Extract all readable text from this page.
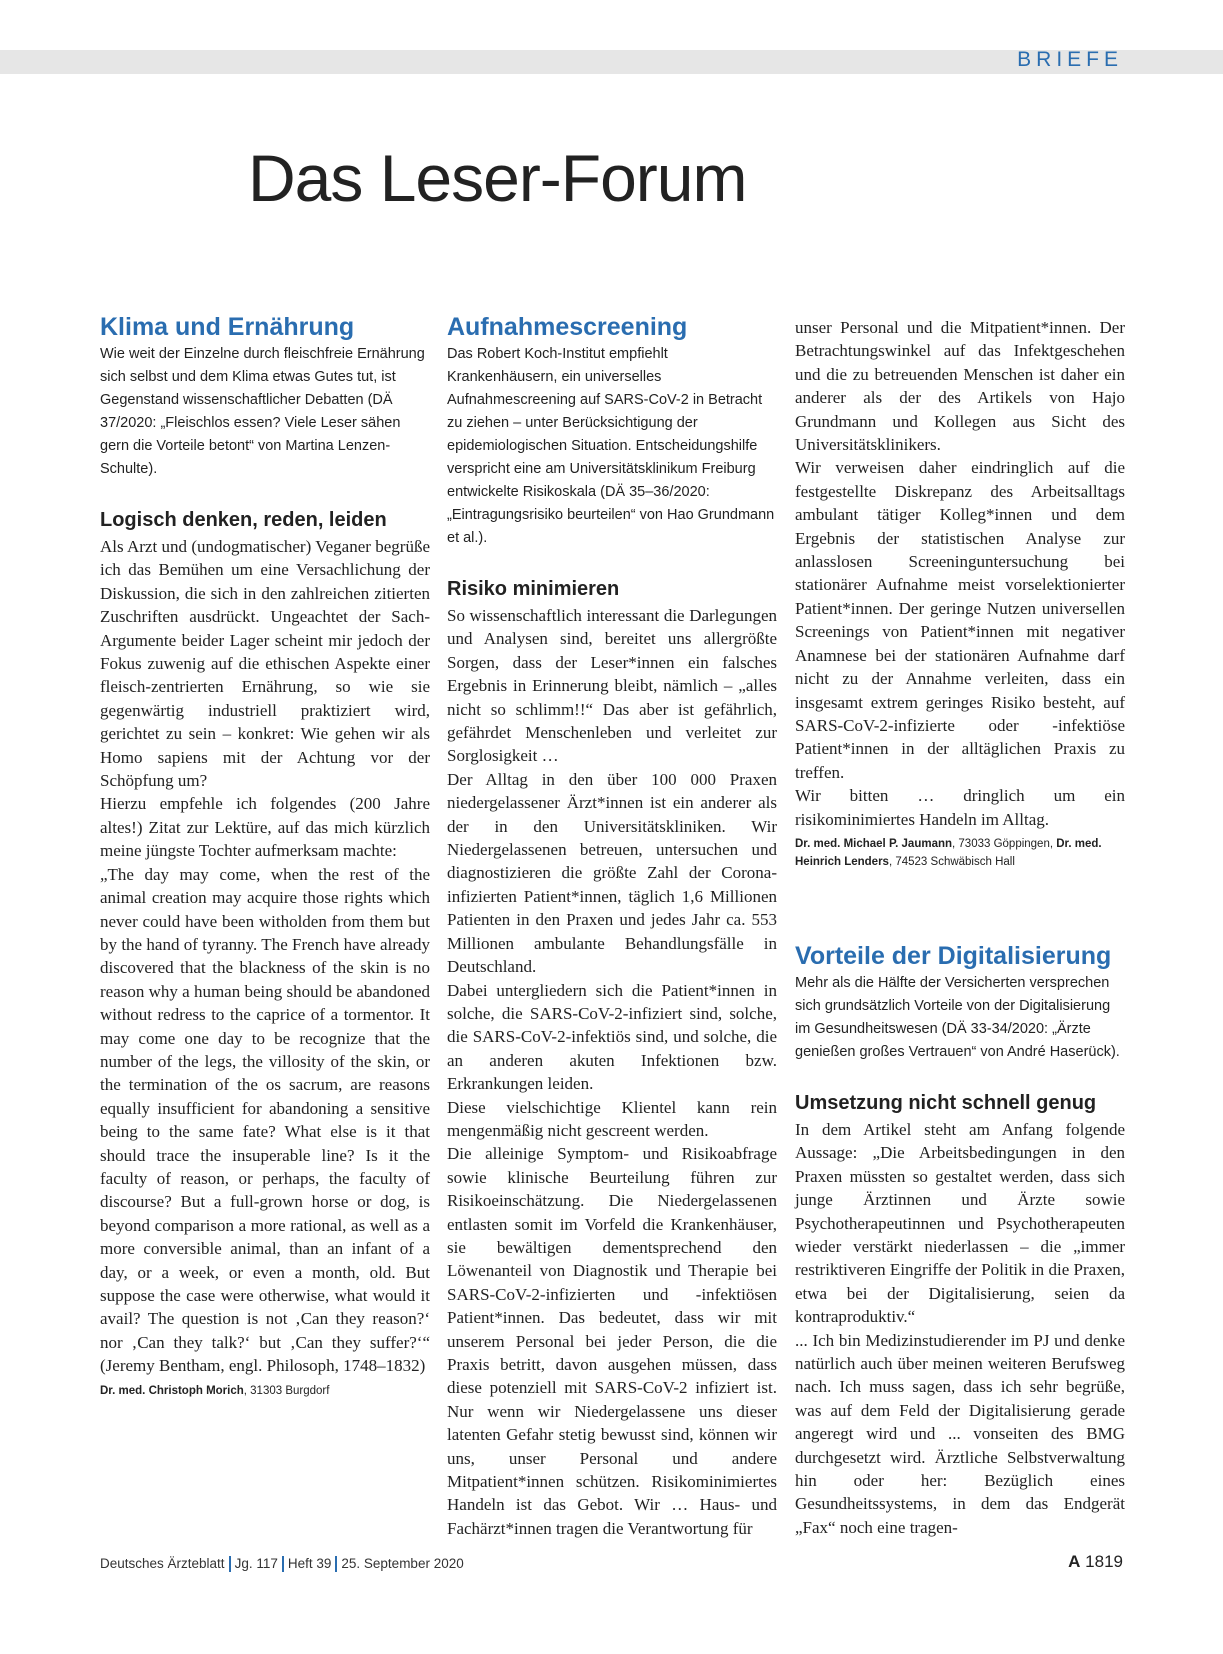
BRIEFE
Das Leser-Forum
Klima und Ernährung

Wie weit der Einzelne durch fleischfreie Ernährung sich selbst und dem Klima etwas Gutes tut, ist Gegenstand wissenschaftlicher Debatten (DÄ 37/2020: „Fleischlos essen? Viele Leser sähen gern die Vorteile betont“ von Martina Lenzen-Schulte).

Logisch denken, reden, leiden

Als Arzt und (undogmatischer) Veganer begrüße ich das Bemühen um eine Versachlichung der Diskussion, die sich in den zahlreichen zitierten Zuschriften ausdrückt. Ungeachtet der Sach-Argumente beider Lager scheint mir jedoch der Fokus zuwenig auf die ethischen Aspekte einer fleisch-zentrierten Ernährung, so wie sie gegenwärtig industriell praktiziert wird, gerichtet zu sein – konkret: Wie gehen wir als Homo sapiens mit der Achtung vor der Schöpfung um?

Hierzu empfehle ich folgendes (200 Jahre altes!) Zitat zur Lektüre, auf das mich kürzlich meine jüngste Tochter aufmerksam machte:

„The day may come, when the rest of the animal creation may acquire those rights which never could have been witholden from them but by the hand of tyranny. The French have already discovered that the blackness of the skin is no reason why a human being should be abandoned without redress to the caprice of a tormentor. It may come one day to be recognize that the number of the legs, the villosity of the skin, or the termination of the os sacrum, are reasons equally insufficient for abandoning a sensitive being to the same fate? What else is it that should trace the insuperable line? Is it the faculty of reason, or perhaps, the faculty of discourse? But a full-grown horse or dog, is beyond comparison a more rational, as well as a more conversible animal, than an infant of a day, or a week, or even a month, old. But suppose the case were otherwise, what would it avail? The question is not ‚Can they reason?‘ nor ‚Can they talk?‘ but ‚Can they suffer?‘“ (Jeremy Bentham, engl. Philosoph, 1748–1832)

Dr. med. Christoph Morich, 31303 Burgdorf

Aufnahmescreening

Das Robert Koch-Institut empfiehlt Krankenhäusern, ein universelles Aufnahmescreening auf SARS-CoV-2 in Betracht zu ziehen – unter Berücksichtigung der epidemiologischen Situation. Entscheidungshilfe verspricht eine am Universitätsklinikum Freiburg entwickelte Risikoskala (DÄ 35–36/2020: „Eintragungsrisiko beurteilen“ von Hao Grundmann et al.).

Risiko minimieren

So wissenschaftlich interessant die Darlegungen und Analysen sind, bereitet uns allergrößte Sorgen, dass der Leser*innen ein falsches Ergebnis in Erinnerung bleibt, nämlich – „alles nicht so schlimm!!“ Das aber ist gefährlich, gefährdet Menschenleben und verleitet zur Sorglosigkeit …

Der Alltag in den über 100 000 Praxen niedergelassener Ärzt*innen ist ein anderer als der in den Universitätskliniken. Wir Niedergelassenen betreuen, untersuchen und diagnostizieren die größte Zahl der Corona-infizierten Patient*innen, täglich 1,6 Millionen Patienten in den Praxen und jedes Jahr ca. 553 Millionen ambulante Behandlungsfälle in Deutschland.

Dabei untergliedern sich die Patient*innen in solche, die SARS-CoV-2-infiziert sind, solche, die SARS-CoV-2-infektiös sind, und solche, die an anderen akuten Infektionen bzw. Erkrankungen leiden.

Diese vielschichtige Klientel kann rein mengenmäßig nicht gescreent werden.

Die alleinige Symptom- und Risikoabfrage sowie klinische Beurteilung führen zur Risikoeinschätzung. Die Niedergelassenen entlasten somit im Vorfeld die Krankenhäuser, sie bewältigen dementsprechend den Löwenanteil von Diagnostik und Therapie bei SARS-CoV-2-infizierten und -infektiösen Patient*innen. Das bedeutet, dass wir mit unserem Personal bei jeder Person, die die Praxis betritt, davon ausgehen müssen, dass diese potenziell mit SARS-CoV-2 infiziert ist. Nur wenn wir Niedergelassene uns dieser latenten Gefahr stetig bewusst sind, können wir uns, unser Personal und andere Mitpatient*innen schützen. Risikominimiertes Handeln ist das Gebot. Wir … Haus- und Fachärzt*innen tragen die Verantwortung für

unser Personal und die Mitpatient*innen. Der Betrachtungswinkel auf das Infektgeschehen und die zu betreuenden Menschen ist daher ein anderer als der des Artikels von Hajo Grundmann und Kollegen aus Sicht des Universitätsklinikers.

Wir verweisen daher eindringlich auf die festgestellte Diskrepanz des Arbeitsalltags ambulant tätiger Kolleg*innen und dem Ergebnis der statistischen Analyse zur anlasslosen Screeninguntersuchung bei stationärer Aufnahme meist vorselektionierter Patient*innen. Der geringe Nutzen universellen Screenings von Patient*innen mit negativer Anamnese bei der stationären Aufnahme darf nicht zu der Annahme verleiten, dass ein insgesamt extrem geringes Risiko besteht, auf SARS-CoV-2-infizierte oder -infektiöse Patient*innen in der alltäglichen Praxis zu treffen.

Wir bitten … dringlich um ein risikominimiertes Handeln im Alltag.

Dr. med. Michael P. Jaumann, 73033 Göppingen, Dr. med. Heinrich Lenders, 74523 Schwäbisch Hall

Vorteile der Digitalisierung

Mehr als die Hälfte der Versicherten versprechen sich grundsätzlich Vorteile von der Digitalisierung im Gesundheitswesen (DÄ 33-34/2020: „Ärzte genießen großes Vertrauen“ von André Haserück).

Umsetzung nicht schnell genug

In dem Artikel steht am Anfang folgende Aussage: „Die Arbeitsbedingungen in den Praxen müssten so gestaltet werden, dass sich junge Ärztinnen und Ärzte sowie Psychotherapeutinnen und Psychotherapeuten wieder verstärkt niederlassen – die „immer restriktiveren Eingriffe der Politik in die Praxen, etwa bei der Digitalisierung, seien da kontraproduktiv.“

... Ich bin Medizinstudierender im PJ und denke natürlich auch über meinen weiteren Berufsweg nach. Ich muss sagen, dass ich sehr begrüße, was auf dem Feld der Digitalisierung gerade angeregt wird und ... vonseiten des BMG durchgesetzt wird. Ärztliche Selbstverwaltung hin oder her: Bezüglich eines Gesundheitssystems, in dem das Endgerät „Fax“ noch eine tragen-

Deutsches Ärzteblatt Jg. 117 Heft 39 25. September 2020	A 1819
